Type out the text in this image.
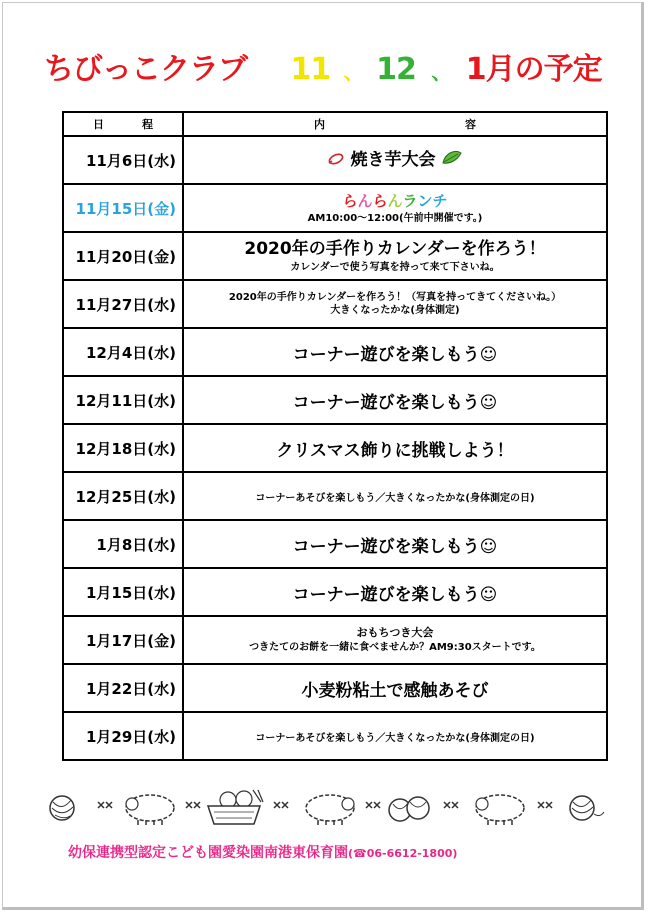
ちびっこクラブ 11 、 12 、 1月の予定
日 程	内 容
11月6日(水)	焼き芋大会

11月15日(金)	らんらんランチ
AM10:00～12:00(午前中開催です。)

11月20日(金)	2020年の手作りカレンダーを作ろう！
カレンダーで使う写真を持って来て下さいね。

11月27日(水)	2020年の手作りカレンダーを作ろう！（写真を持ってきてくださいね。）
大きくなったかな(身体測定)

12月4日(水)	コーナー遊びを楽しもう☺
12月11日(水)	コーナー遊びを楽しもう☺
12月18日(水)	クリスマス飾りに挑戦しよう！
12月25日(水)	コーナーあそびを楽しもう／大きくなったかな(身体測定の日)
1月8日(水)	コーナー遊びを楽しもう☺
1月15日(水)	コーナー遊びを楽しもう☺
1月17日(金)	おもちつき大会
つきたてのお餅を一緒に食べませんか？AM9:30スタートです。

1月22日(水)	小麦粉粘土で感触あそび
1月29日(水)	コーナーあそびを楽しもう／大きくなったかな(身体測定の日)
幼保連携型認定こども園愛染園南港東保育園(☎06-6612-1800)
